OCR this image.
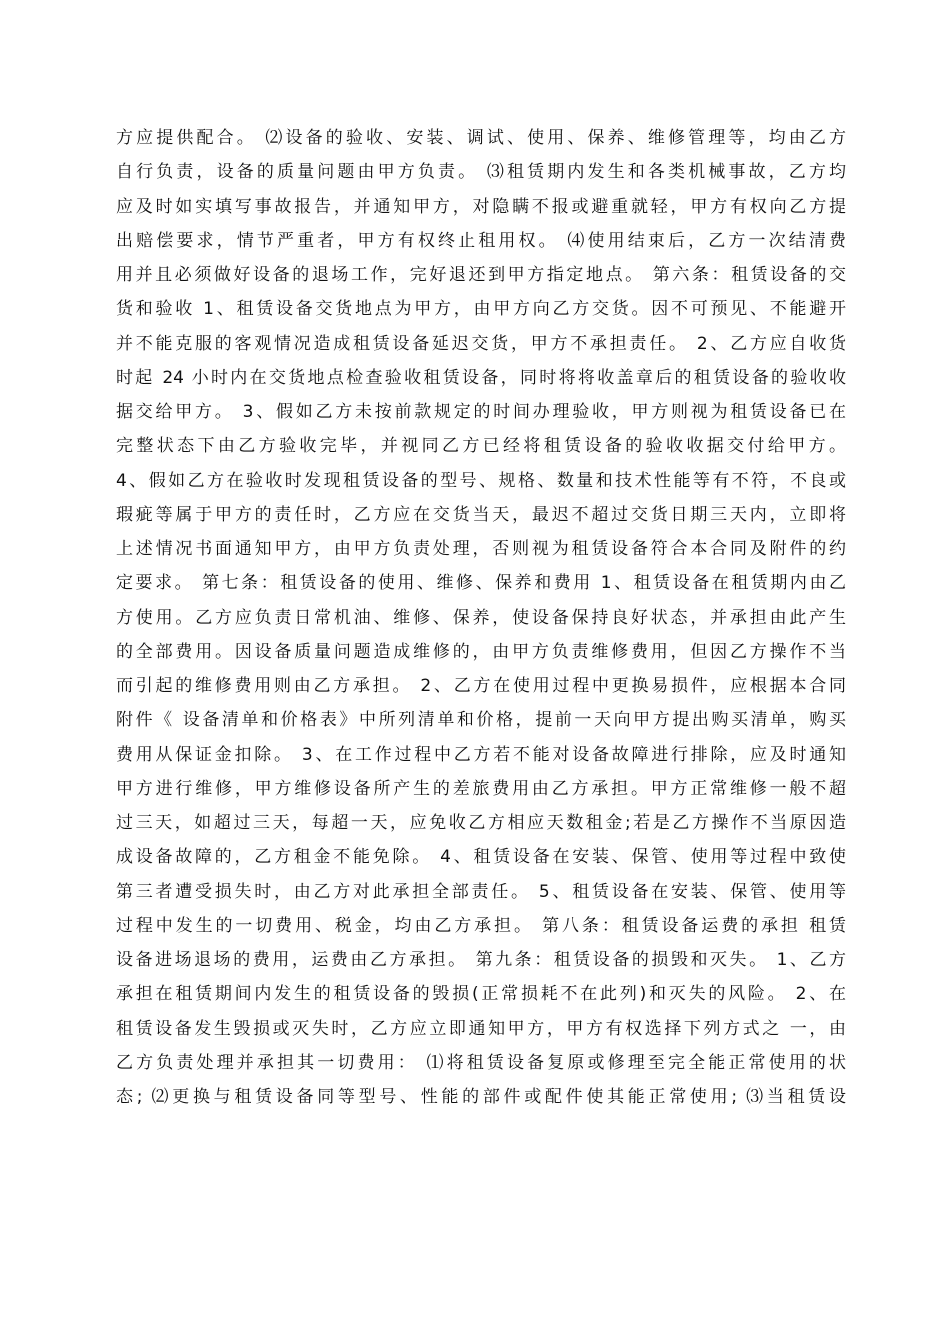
方应提供配合。 ⑵设备的验收、安装、调试、使用、保养、维修管理等，均由乙方
自行负责，设备的质量问题由甲方负责。 ⑶租赁期内发生和各类机械事故，乙方均
应及时如实填写事故报告，并通知甲方，对隐瞒不报或避重就轻，甲方有权向乙方提
出赔偿要求，情节严重者，甲方有权终止租用权。 ⑷使用结束后，乙方一次结清费
用并且必须做好设备的退场工作，完好退还到甲方指定地点。 第六条：租赁设备的交
货和验收 1、租赁设备交货地点为甲方，由甲方向乙方交货。因不可预见、不能避开
并不能克服的客观情况造成租赁设备延迟交货，甲方不承担责任。 2、乙方应自收货
时起 24 小时内在交货地点检查验收租赁设备，同时将将收盖章后的租赁设备的验收收
据交给甲方。 3、假如乙方未按前款规定的时间办理验收，甲方则视为租赁设备已在
完整状态下由乙方验收完毕，并视同乙方已经将租赁设备的验收收据交付给甲方。
4、假如乙方在验收时发现租赁设备的型号、规格、数量和技术性能等有不符，不良或
瑕疵等属于甲方的责任时，乙方应在交货当天，最迟不超过交货日期三天内，立即将
上述情况书面通知甲方，由甲方负责处理，否则视为租赁设备符合本合同及附件的约
定要求。 第七条：租赁设备的使用、维修、保养和费用 1、租赁设备在租赁期内由乙
方使用。乙方应负责日常机油、维修、保养，使设备保持良好状态，并承担由此产生
的全部费用。因设备质量问题造成维修的，由甲方负责维修费用，但因乙方操作不当
而引起的维修费用则由乙方承担。 2、乙方在使用过程中更换易损件，应根据本合同
附件《 设备清单和价格表》中所列清单和价格，提前一天向甲方提出购买清单，购买
费用从保证金扣除。 3、在工作过程中乙方若不能对设备故障进行排除，应及时通知
甲方进行维修，甲方维修设备所产生的差旅费用由乙方承担。甲方正常维修一般不超
过三天，如超过三天，每超一天，应免收乙方相应天数租金;若是乙方操作不当原因造
成设备故障的，乙方租金不能免除。 4、租赁设备在安装、保管、使用等过程中致使
第三者遭受损失时，由乙方对此承担全部责任。 5、租赁设备在安装、保管、使用等
过程中发生的一切费用、税金，均由乙方承担。 第八条：租赁设备运费的承担 租赁
设备进场退场的费用，运费由乙方承担。 第九条：租赁设备的损毁和灭失。 1、乙方
承担在租赁期间内发生的租赁设备的毁损(正常损耗不在此列)和灭失的风险。 2、在
租赁设备发生毁损或灭失时，乙方应立即通知甲方，甲方有权选择下列方式之 一，由
乙方负责处理并承担其一切费用： ⑴将租赁设备复原或修理至完全能正常使用的状
态; ⑵更换与租赁设备同等型号、性能的部件或配件使其能正常使用; ⑶当租赁设
